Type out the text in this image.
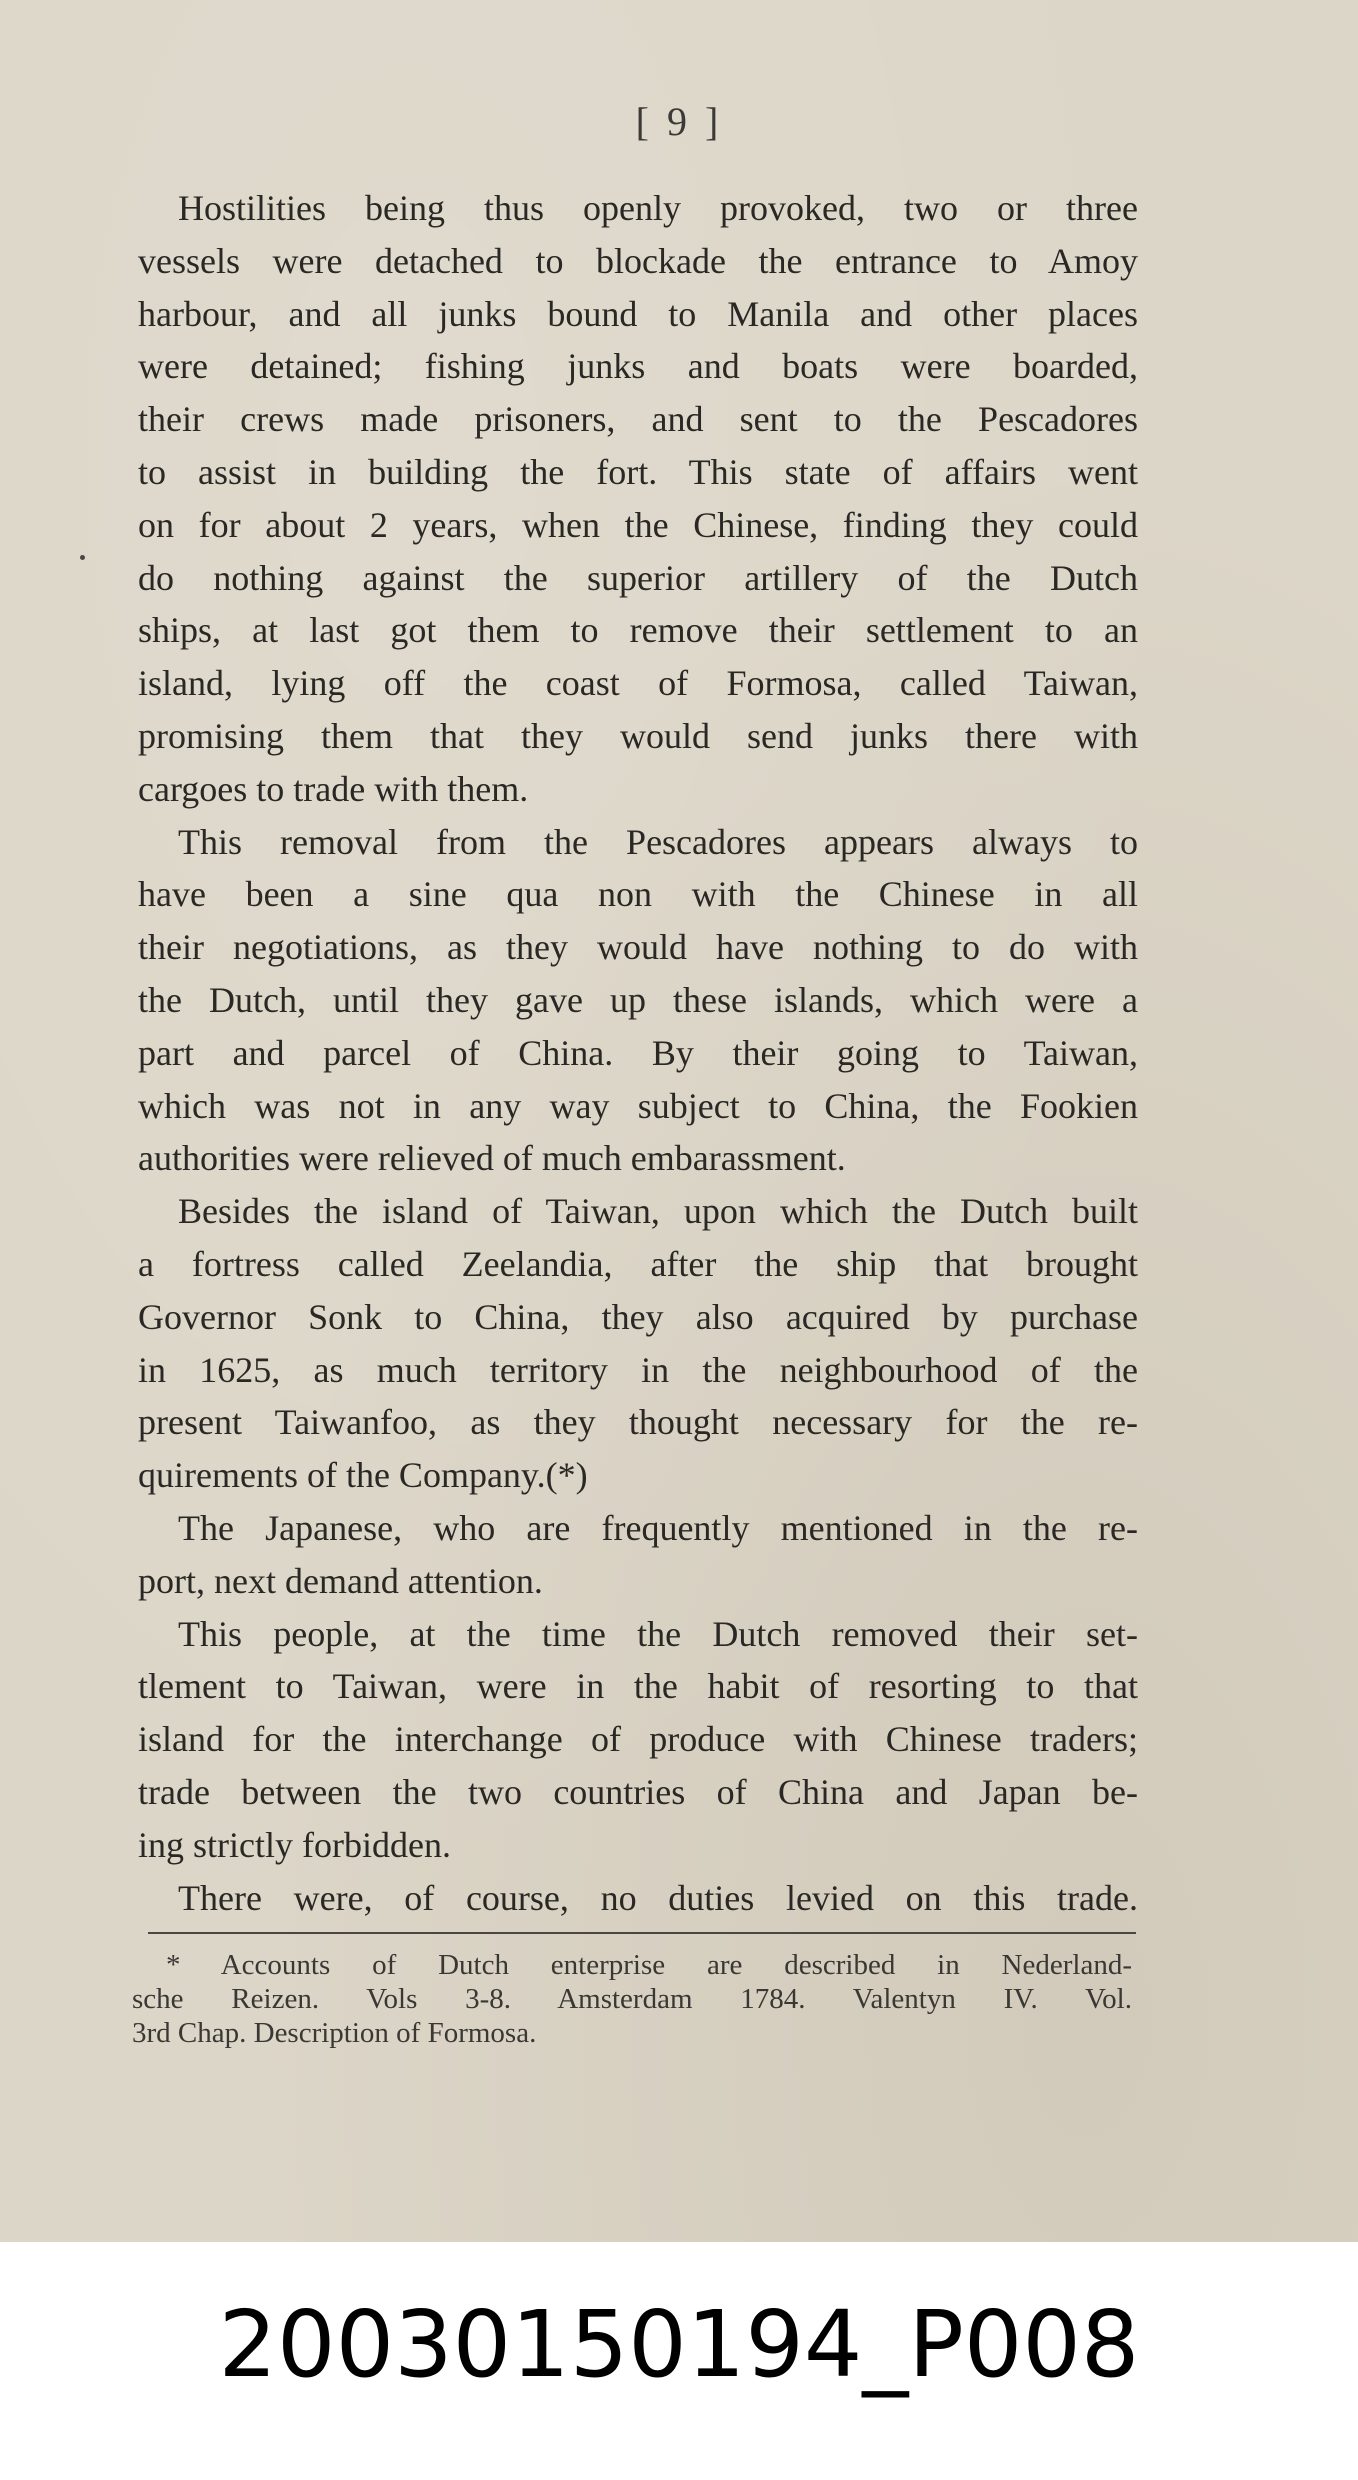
[ 9 ]
Hostilities being thus openly provoked, two or three
vessels were detached to blockade the entrance to Amoy
harbour, and all junks bound to Manila and other places
were detained; fishing junks and boats were boarded,
their crews made prisoners, and sent to the Pescadores
to assist in building the fort. This state of affairs went
on for about 2 years, when the Chinese, finding they could
do nothing against the superior artillery of the Dutch
ships, at last got them to remove their settlement to an
island, lying off the coast of Formosa, called Taiwan,
promising them that they would send junks there with
cargoes to trade with them.
This removal from the Pescadores appears always to
have been a sine qua non with the Chinese in all
their negotiations, as they would have nothing to do with
the Dutch, until they gave up these islands, which were a
part and parcel of China. By their going to Taiwan,
which was not in any way subject to China, the Fookien
authorities were relieved of much embarassment.
Besides the island of Taiwan, upon which the Dutch built
a fortress called Zeelandia, after the ship that brought
Governor Sonk to China, they also acquired by purchase
in 1625, as much territory in the neighbourhood of the
present Taiwanfoo, as they thought necessary for the re-
quirements of the Company.(*)
The Japanese, who are frequently mentioned in the re-
port, next demand attention.
This people, at the time the Dutch removed their set-
tlement to Taiwan, were in the habit of resorting to that
island for the interchange of produce with Chinese traders;
trade between the two countries of China and Japan be-
ing strictly forbidden.
There were, of course, no duties levied on this trade.
* Accounts of Dutch enterprise are described in Nederland-
sche Reizen. Vols 3-8. Amsterdam 1784. Valentyn IV. Vol.
3rd Chap. Description of Formosa.
20030150194_P008
